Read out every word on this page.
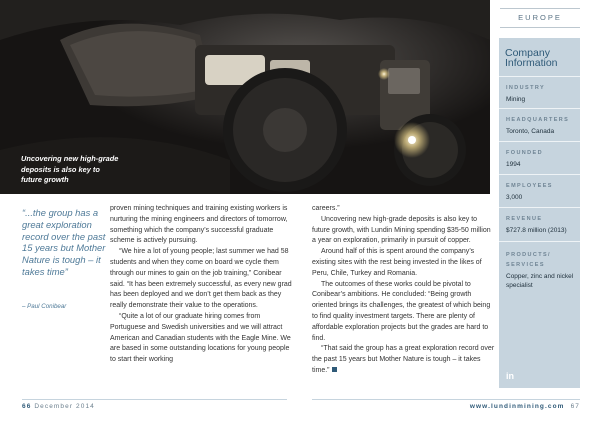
Uncovering new high-grade deposits is also key to future growth
EUROPE
Company Information
INDUSTRY
Mining
HEADQUARTERS
Toronto, Canada
FOUNDED
1994
EMPLOYEES
3,000
REVENUE
$727.8 million (2013)
PRODUCTS/ SERVICES
Copper, zinc and nickel specialist
in
“...the group has a great exploration record over the past 15 years but Mother Nature is tough – it takes time”
– Paul Conibear

proven mining techniques and training existing workers is nurturing the mining engineers and directors of tomorrow, something which the company’s successful graduate scheme is actively pursuing.

“We hire a lot of young people; last summer we had 58 students and when they come on board we cycle them through our mines to gain on the job training,” Conibear said. “It has been extremely successful, as every new grad has been deployed and we don’t get them back as they really demonstrate their value to the operations.

“Quite a lot of our graduate hiring comes from Portuguese and Swedish universities and we will attract American and Canadian students with the Eagle Mine. We are based in some outstanding locations for young people to start their working

careers.”

Uncovering new high-grade deposits is also key to future growth, with Lundin Mining spending $35-50 million a year on exploration, primarily in pursuit of copper.

Around half of this is spent around the company’s existing sites with the rest being invested in the likes of Peru, Chile, Turkey and Romania.

The outcomes of these works could be pivotal to Conibear’s ambitions. He concluded: “Being growth oriented brings its challenges, the greatest of which being to find quality investment targets. There are plenty of affordable exploration projects but the grades are hard to find.

“That said the group has a great exploration record over the past 15 years but Mother Nature is tough – it takes time.”

66 December 2014	www.lundinmining.com 67
